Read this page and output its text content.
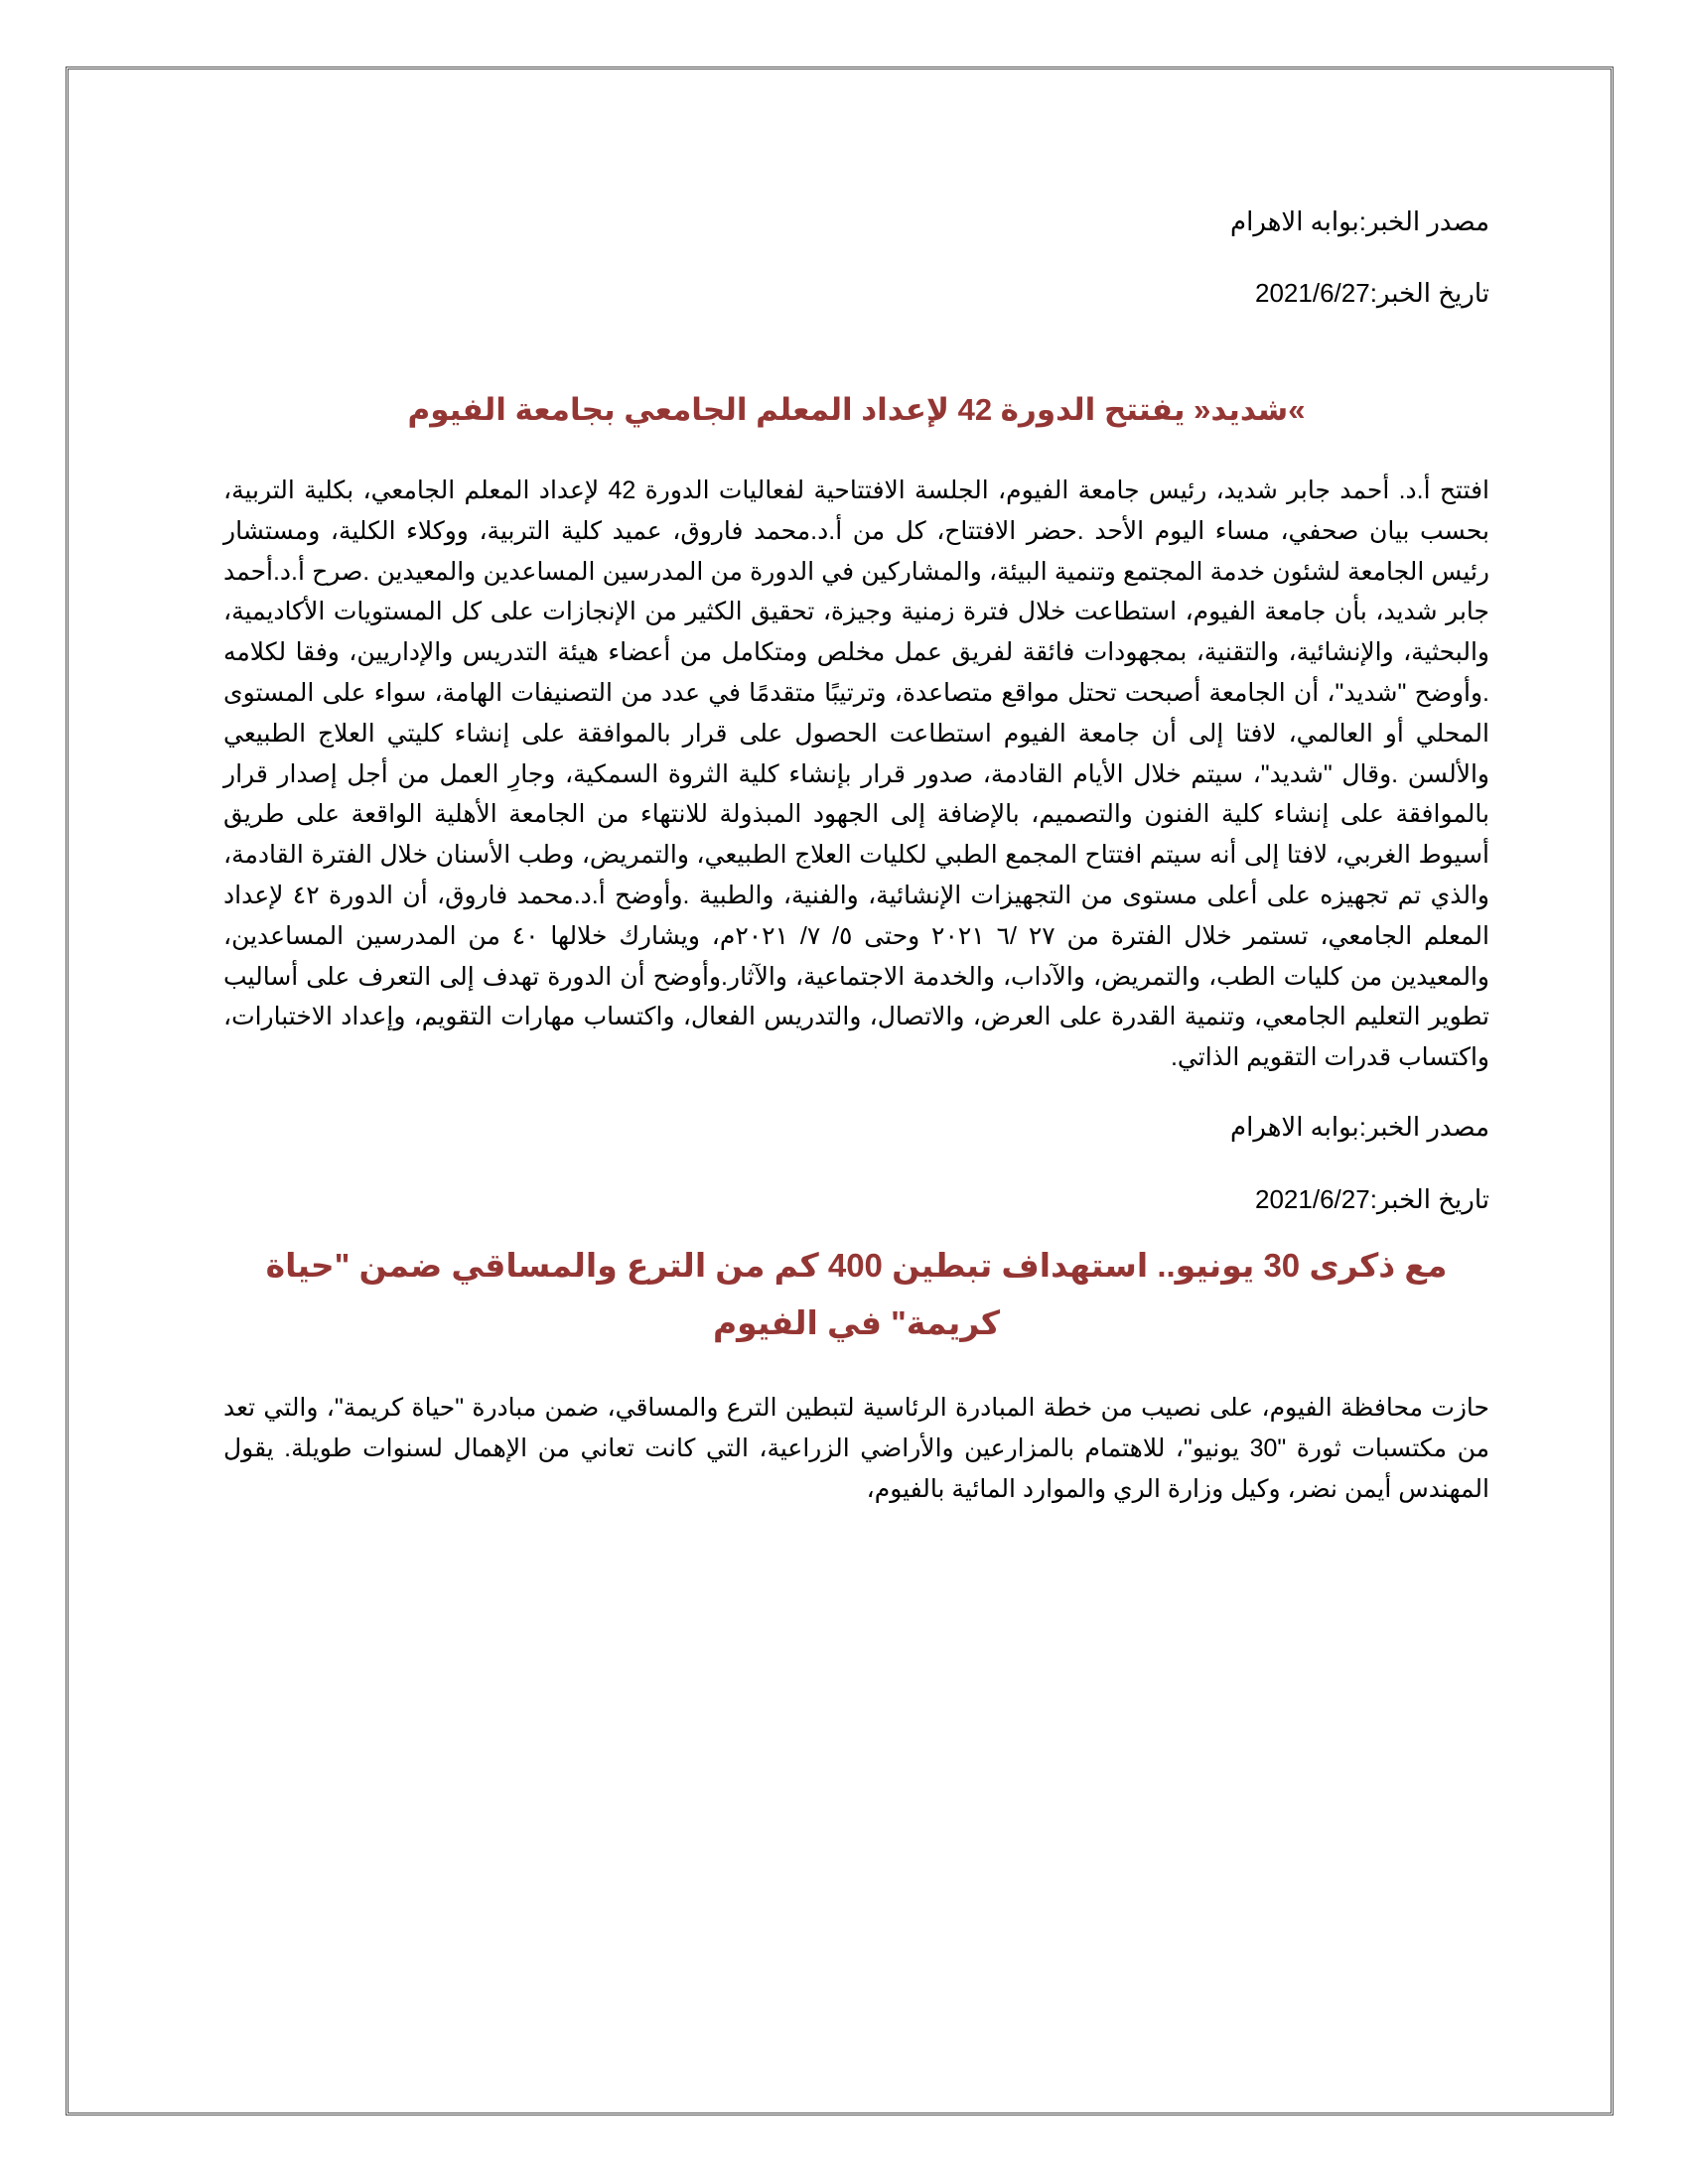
مصدر الخبر:بوابه الاهرام

تاريخ الخبر:2021/6/27

»شديد« يفتتح الدورة 42 لإعداد المعلم الجامعي بجامعة الفيوم

افتتح أ.د. أحمد جابر شديد، رئيس جامعة الفيوم، الجلسة الافتتاحية لفعاليات الدورة 42 لإعداد المعلم الجامعي، بكلية التربية، بحسب بيان صحفي، مساء اليوم الأحد .حضر الافتتاح، كل من أ.د.محمد فاروق، عميد كلية التربية، ووكلاء الكلية، ومستشار رئيس الجامعة لشئون خدمة المجتمع وتنمية البيئة، والمشاركين في الدورة من المدرسين المساعدين والمعيدين .صرح أ.د.أحمد جابر شديد، بأن جامعة الفيوم، استطاعت خلال فترة زمنية وجيزة، تحقيق الكثير من الإنجازات على كل المستويات الأكاديمية، والبحثية، والإنشائية، والتقنية، بمجهودات فائقة لفريق عمل مخلص ومتكامل من أعضاء هيئة التدريس والإداريين، وفقا لكلامه .وأوضح "شديد"، أن الجامعة أصبحت تحتل مواقع متصاعدة، وترتيبًا متقدمًا في عدد من التصنيفات الهامة، سواء على المستوى المحلي أو العالمي، لافتا إلى أن جامعة الفيوم استطاعت الحصول على قرار بالموافقة على إنشاء كليتي العلاج الطبيعي والألسن .وقال "شديد"، سيتم خلال الأيام القادمة، صدور قرار بإنشاء كلية الثروة السمكية، وجارِ العمل من أجل إصدار قرار بالموافقة على إنشاء كلية الفنون والتصميم، بالإضافة إلى الجهود المبذولة للانتهاء من الجامعة الأهلية الواقعة على طريق أسيوط الغربي، لافتا إلى أنه سيتم افتتاح المجمع الطبي لكليات العلاج الطبيعي، والتمريض، وطب الأسنان خلال الفترة القادمة، والذي تم تجهيزه على أعلى مستوى من التجهيزات الإنشائية، والفنية، والطبية .وأوضح أ.د.محمد فاروق، أن الدورة ٤٢ لإعداد المعلم الجامعي، تستمر خلال الفترة من ٢٧ /٦ ٢٠٢١ وحتى ٥/ ٧/ ٢٠٢١م، ويشارك خلالها ٤٠ من المدرسين المساعدين، والمعيدين من كليات الطب، والتمريض، والآداب، والخدمة الاجتماعية، والآثار.وأوضح أن الدورة تهدف إلى التعرف على أساليب تطوير التعليم الجامعي، وتنمية القدرة على العرض، والاتصال، والتدريس الفعال، واكتساب مهارات التقويم، وإعداد الاختبارات، واكتساب قدرات التقويم الذاتي.

مصدر الخبر:بوابه الاهرام

تاريخ الخبر:2021/6/27

مع ذكرى 30 يونيو.. استهداف تبطين 400 كم من الترع والمساقي ضمن "حياة كريمة" في الفيوم

حازت محافظة الفيوم، على نصيب من خطة المبادرة الرئاسية لتبطين الترع والمساقي، ضمن مبادرة "حياة كريمة"، والتي تعد من مكتسبات ثورة "30 يونيو"، للاهتمام بالمزارعين والأراضي الزراعية، التي كانت تعاني من الإهمال لسنوات طويلة. يقول المهندس أيمن نضر، وكيل وزارة الري والموارد المائية بالفيوم،
